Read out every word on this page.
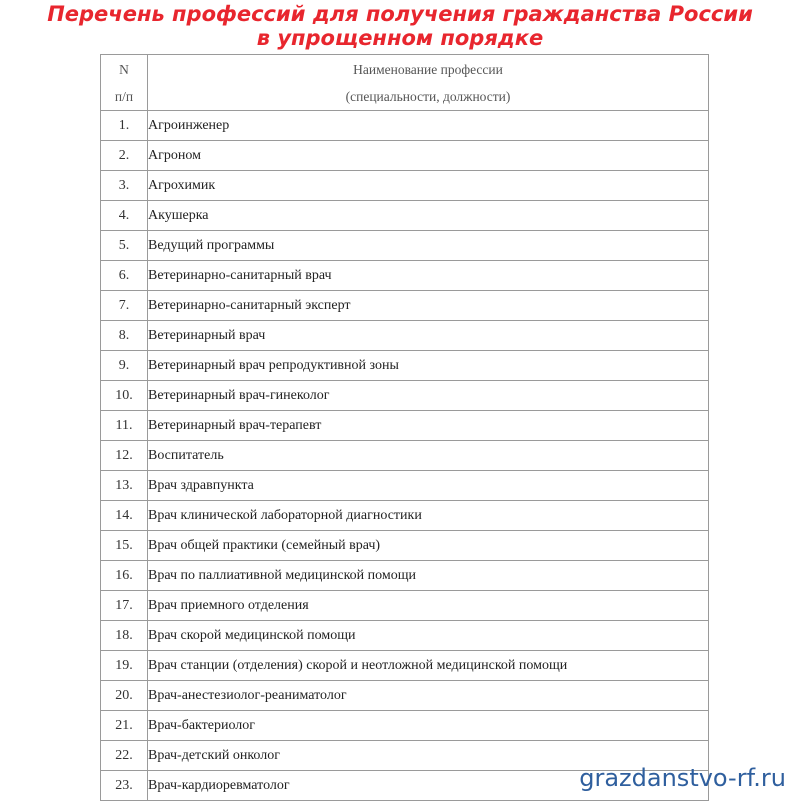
Перечень профессий для получения гражданства России
в упрощенном порядке
N
п/п	Наименование профессии
(специальности, должности)

1.	Агроинженер
2.	Агроном
3.	Агрохимик
4.	Акушерка
5.	Ведущий программы
6.	Ветеринарно-санитарный врач
7.	Ветеринарно-санитарный эксперт
8.	Ветеринарный врач
9.	Ветеринарный врач репродуктивной зоны
10.	Ветеринарный врач-гинеколог
11.	Ветеринарный врач-терапевт
12.	Воспитатель
13.	Врач здравпункта
14.	Врач клинической лабораторной диагностики
15.	Врач общей практики (семейный врач)
16.	Врач по паллиативной медицинской помощи
17.	Врач приемного отделения
18.	Врач скорой медицинской помощи
19.	Врач станции (отделения) скорой и неотложной медицинской помощи
20.	Врач-анестезиолог-реаниматолог
21.	Врач-бактериолог
22.	Врач-детский онколог
23.	Врач-кардиоревматолог	grazdanstvo-rf.ru
